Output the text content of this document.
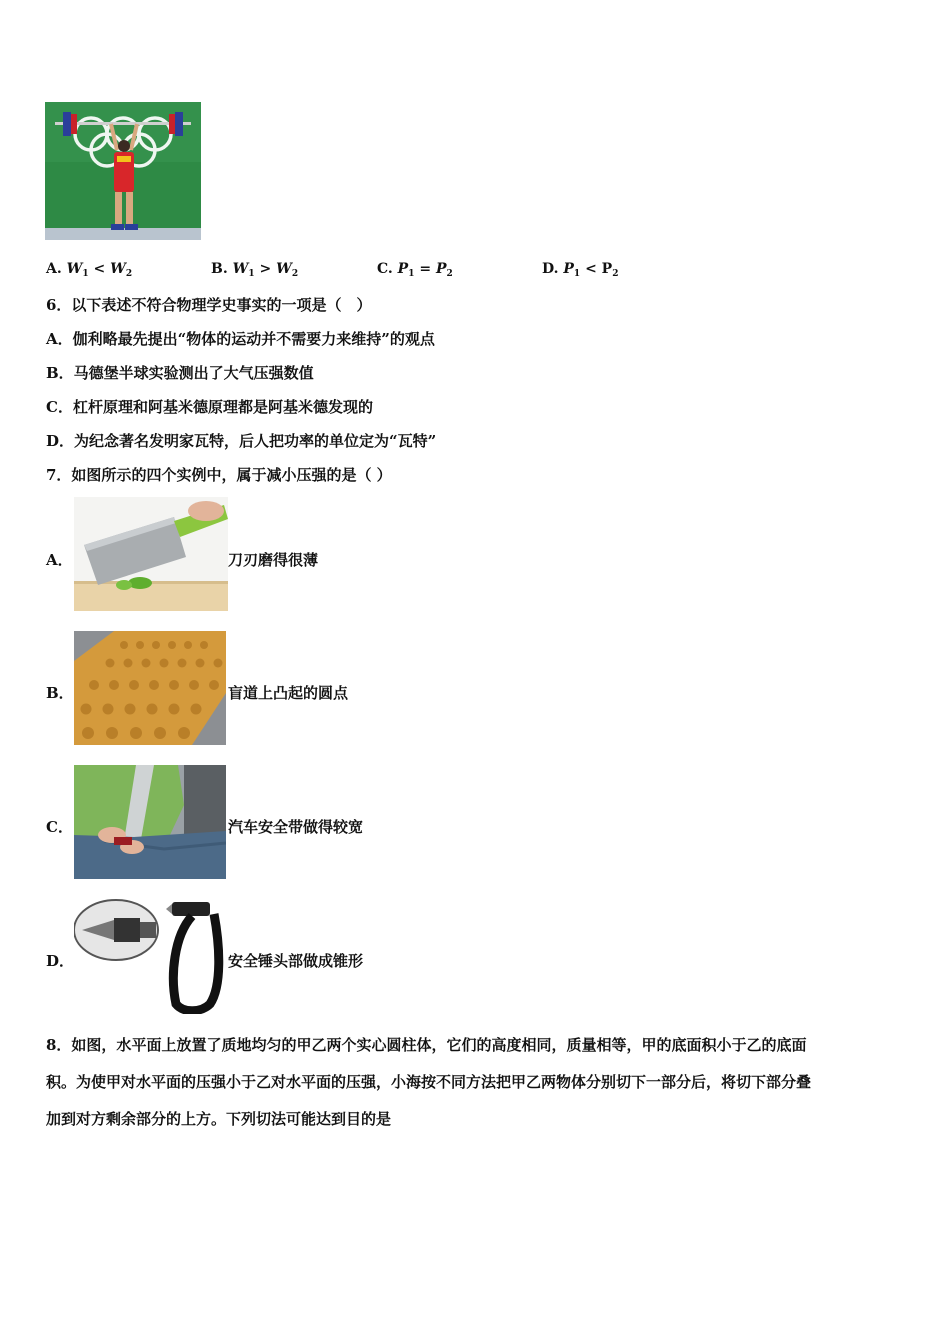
A. $W_1 < W_2$	B. $W_1 > W_2$	C. $P_1 = P_2$	D. $P_1 < P_2$
6．以下表述不符合物理学史事实的一项是（　）
A．伽利略最先提出“物体的运动并不需要力来维持”的观点
B．马德堡半球实验测出了大气压强数值
C．杠杆原理和阿基米德原理都是阿基米德发现的
D．为纪念著名发明家瓦特，后人把功率的单位定为“瓦特”
7．如图所示的四个实例中，属于减小压强的是（ ）
A．	刀刃磨得很薄
B．	盲道上凸起的圆点
C．	汽车安全带做得较宽
D．	安全锤头部做成锥形
8．如图，水平面上放置了质地均匀的甲乙两个实心圆柱体，它们的高度相同，质量相等，甲的底面积小于乙的底面
积。为使甲对水平面的压强小于乙对水平面的压强，小海按不同方法把甲乙两物体分别切下一部分后，将切下部分叠
加到对方剩余部分的上方。下列切法可能达到目的是
